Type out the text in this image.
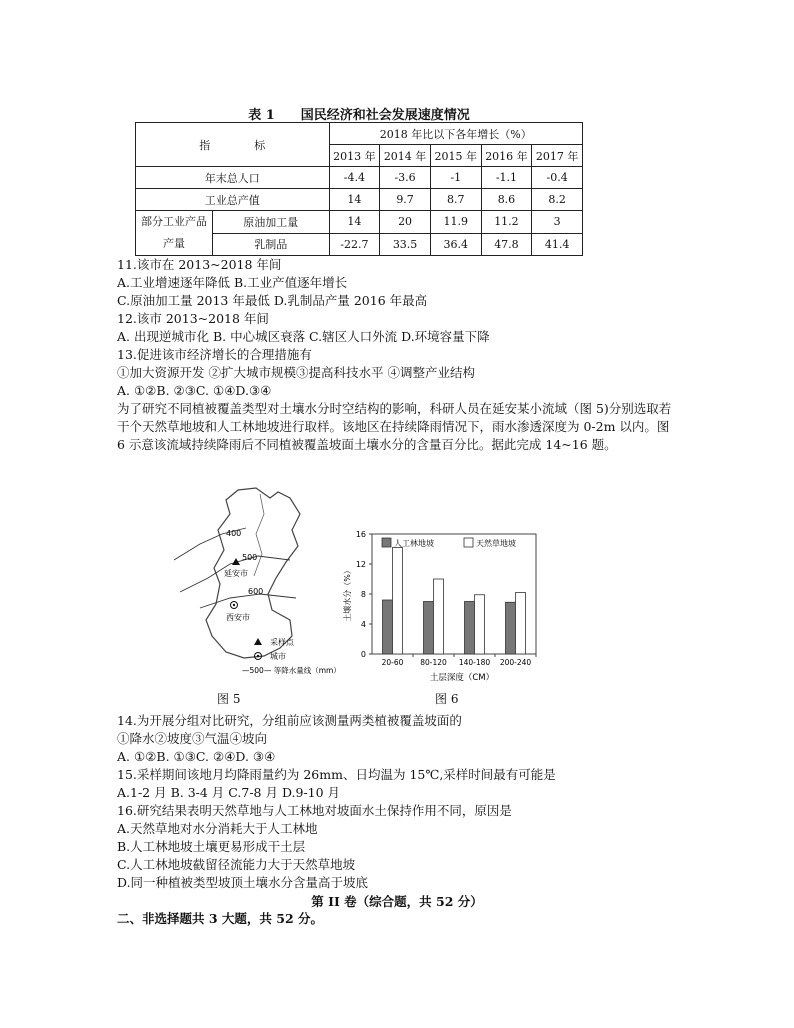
表 1　　国民经济和社会发展速度情况
指　　　　标		2018 年比以下各年增长（%）				
		2013 年	2014 年	2015 年	2016 年	2017 年
年末总人口		-4.4	-3.6	-1	-1.1	-0.4
工业总产值		14	9.7	8.7	8.6	8.2
部分工业产品产量	原油加工量	14	20	11.9	11.2	3
	乳制品	-22.7	33.5	36.4	47.8	41.4
11.该市在 2013~2018 年间
A.工业增速逐年降低 B.工业产值逐年增长
C.原油加工量 2013 年最低 D.乳制品产量 2016 年最高
12.该市 2013~2018 年间
A. 出现逆城市化 B. 中心城区衰落 C.辖区人口外流 D.环境容量下降
13.促进该市经济增长的合理措施有
①加大资源开发 ②扩大城市规模③提高科技水平 ④调整产业结构
A. ①②B. ②③C. ①④D.③④
为了研究不同植被覆盖类型对土壤水分时空结构的影响，科研人员在延安某小流域（图 5)分别选取若干个天然草地坡和人工林地坡进行取样。该地区在持续降雨情况下，雨水渗透深度为 0-2m 以内。图 6 示意该流域持续降雨后不同植被覆盖坡面土壤水分的含量百分比。据此完成 14~16 题。
400
500
600
延安市
西安市
采样点
城市
—500— 等降水量线（mm）
图 5
人工林地坡	天然草地坡
0
4
8
12
16
土壤水分（%）
20-60 80-120 140-180 200-240
土层深度（CM）
图 6
14.为开展分组对比研究，分组前应该测量两类植被覆盖坡面的
①降水②坡度③气温④坡向
A. ①②B. ①③C. ②④D. ③④
15.采样期间该地月均降雨量约为 26mm、日均温为 15℃,采样时间最有可能是
A.1-2 月 B. 3-4 月 C.7-8 月 D.9-10 月
16.研究结果表明天然草地与人工林地对坡面水土保持作用不同，原因是
A.天然草地对水分消耗大于人工林地
B.人工林地坡土壤更易形成干土层
C.人工林地坡截留径流能力大于天然草地坡
D.同一种植被类型坡顶土壤水分含量高于坡底
第 II 卷（综合题，共 52 分）
二、非选择题共 3 大题，共 52 分。
